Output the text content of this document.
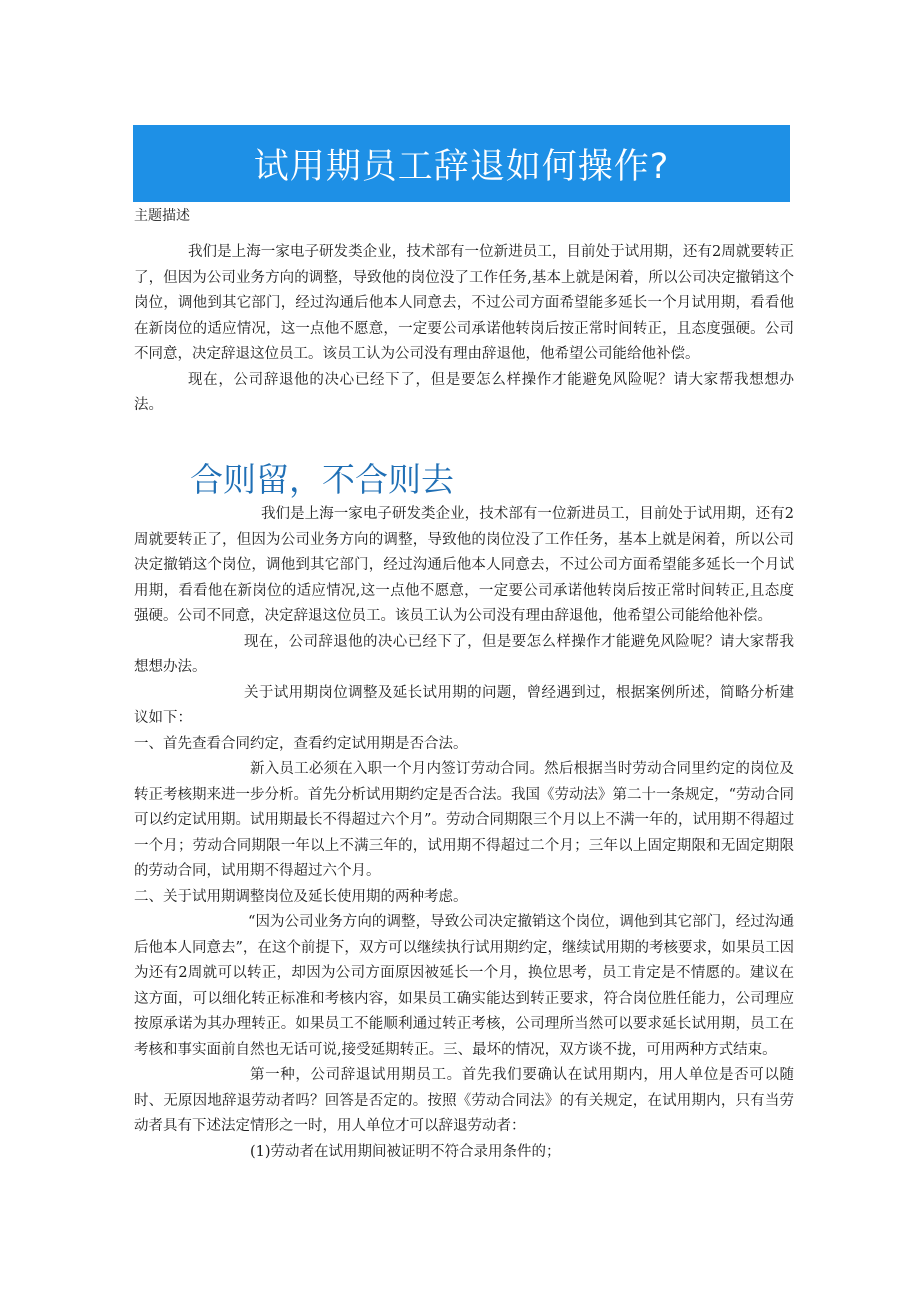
试用期员工辞退如何操作?
主题描述

我们是上海一家电子研发类企业，技术部有一位新进员工，目前处于试用期，还有2周就要转正了，但因为公司业务方向的调整，导致他的岗位没了工作任务,基本上就是闲着，所以公司决定撤销这个岗位，调他到其它部门，经过沟通后他本人同意去，不过公司方面希望能多延长一个月试用期，看看他在新岗位的适应情况，这一点他不愿意，一定要公司承诺他转岗后按正常时间转正，且态度强硬。公司不同意，决定辞退这位员工。该员工认为公司没有理由辞退他，他希望公司能给他补偿。

现在，公司辞退他的决心已经下了，但是要怎么样操作才能避免风险呢？请大家帮我想想办法。

合则留，不合则去

我们是上海一家电子研发类企业，技术部有一位新进员工，目前处于试用期，还有2周就要转正了，但因为公司业务方向的调整，导致他的岗位没了工作任务，基本上就是闲着，所以公司决定撤销这个岗位，调他到其它部门，经过沟通后他本人同意去，不过公司方面希望能多延长一个月试用期，看看他在新岗位的适应情况,这一点他不愿意，一定要公司承诺他转岗后按正常时间转正,且态度强硬。公司不同意，决定辞退这位员工。该员工认为公司没有理由辞退他，他希望公司能给他补偿。

现在，公司辞退他的决心已经下了，但是要怎么样操作才能避免风险呢？请大家帮我想想办法。

关于试用期岗位调整及延长试用期的问题，曾经遇到过，根据案例所述，简略分析建议如下：

一、首先查看合同约定，查看约定试用期是否合法。

新入员工必须在入职一个月内签订劳动合同。然后根据当时劳动合同里约定的岗位及转正考核期来进一步分析。首先分析试用期约定是否合法。我国《劳动法》第二十一条规定，“劳动合同可以约定试用期。试用期最长不得超过六个月”。劳动合同期限三个月以上不满一年的，试用期不得超过一个月；劳动合同期限一年以上不满三年的，试用期不得超过二个月；三年以上固定期限和无固定期限的劳动合同，试用期不得超过六个月。

二、关于试用期调整岗位及延长使用期的两种考虑。

“因为公司业务方向的调整，导致公司决定撤销这个岗位，调他到其它部门，经过沟通后他本人同意去”，在这个前提下，双方可以继续执行试用期约定，继续试用期的考核要求，如果员工因为还有2周就可以转正，却因为公司方面原因被延长一个月，换位思考，员工肯定是不情愿的。建议在这方面，可以细化转正标准和考核内容，如果员工确实能达到转正要求，符合岗位胜任能力，公司理应按原承诺为其办理转正。如果员工不能顺利通过转正考核，公司理所当然可以要求延长试用期，员工在考核和事实面前自然也无话可说,接受延期转正。三、最坏的情况，双方谈不拢，可用两种方式结束。

第一种，公司辞退试用期员工。首先我们要确认在试用期内，用人单位是否可以随时、无原因地辞退劳动者吗？回答是否定的。按照《劳动合同法》的有关规定，在试用期内，只有当劳动者具有下述法定情形之一时，用人单位才可以辞退劳动者：

(1)劳动者在试用期间被证明不符合录用条件的；
